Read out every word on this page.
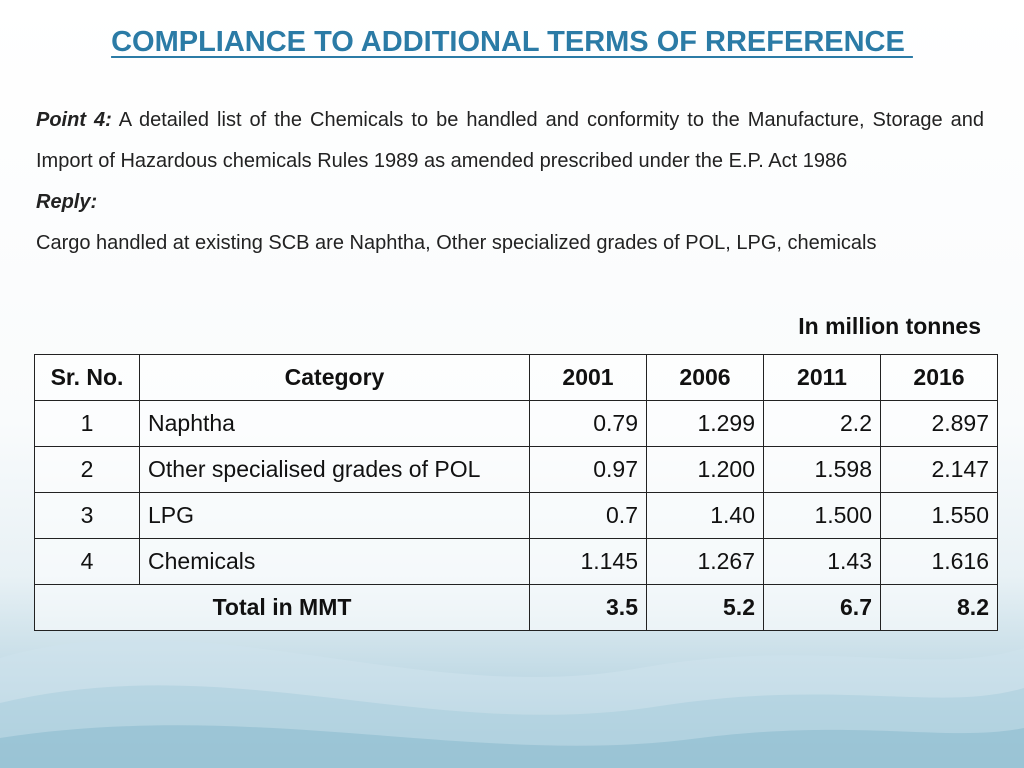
COMPLIANCE TO ADDITIONAL TERMS OF RREFERENCE

Point 4: A detailed list of the Chemicals to be handled and conformity to the Manufacture, Storage and Import of Hazardous chemicals Rules 1989 as amended prescribed under the E.P. Act 1986

Reply:

Cargo handled at existing SCB are Naphtha, Other specialized grades of POL, LPG, chemicals

In million tonnes
Sr. No.	Category	2001	2006	2011	2016
1	Naphtha	0.79	1.299	2.2	2.897
2	Other specialised grades of POL	0.97	1.200	1.598	2.147
3	LPG	0.7	1.40	1.500	1.550
4	Chemicals	1.145	1.267	1.43	1.616
Total in MMT		3.5	5.2	6.7	8.2
